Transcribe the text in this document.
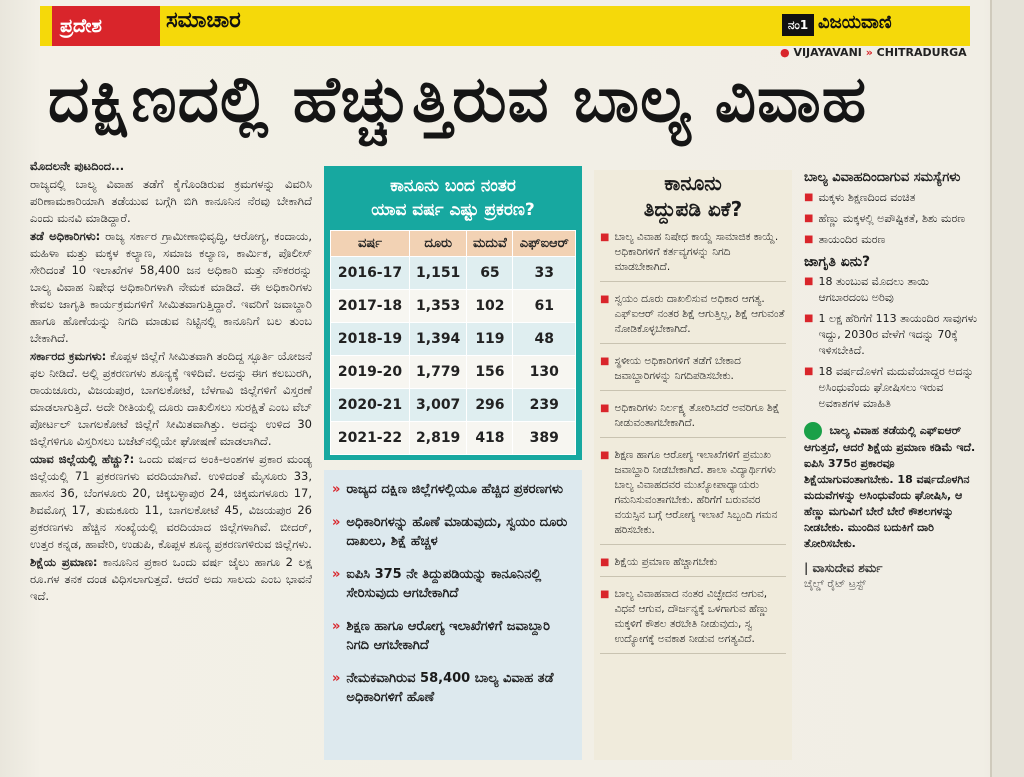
ಪ್ರದೇಶ	ಸಮಾಚಾರ	ನಂ1 ವಿಜಯವಾಣಿ
● VIJAYAVANI » CHITRADURGA
ದಕ್ಷಿಣದಲ್ಲಿ ಹೆಚ್ಚುತ್ತಿರುವ ಬಾಲ್ಯ ವಿವಾಹ

ಮೊದಲನೇ ಪುಟದಿಂದ...

ರಾಜ್ಯದಲ್ಲಿ ಬಾಲ್ಯ ವಿವಾಹ ತಡೆಗೆ ಕೈಗೊಂಡಿರುವ ಕ್ರಮಗಳನ್ನು ವಿವರಿಸಿ ಪರಿಣಾಮಕಾರಿಯಾಗಿ ತಡೆಯುವ ಬಗ್ಗೆಗಿ ಬಿಗಿ ಕಾನೂನಿನ ನೆರವು ಬೇಕಾಗಿದೆ ಎಂದು ಮನವಿ ಮಾಡಿದ್ದಾರೆ.

ತಡೆ ಅಧಿಕಾರಿಗಳು: ರಾಜ್ಯ ಸರ್ಕಾರ ಗ್ರಾಮೀಣಾಭಿವೃದ್ಧಿ, ಆರೋಗ್ಯ, ಕಂದಾಯ, ಮಹಿಳಾ ಮತ್ತು ಮಕ್ಕಳ ಕಲ್ಯಾಣ, ಸಮಾಜ ಕಲ್ಯಾಣ, ಕಾರ್ಮಿಕ, ಪೊಲೀಸ್ ಸೇರಿದಂತೆ 10 ಇಲಾಖೆಗಳ 58,400 ಜನ ಅಧಿಕಾರಿ ಮತ್ತು ನೌಕರರನ್ನು ಬಾಲ್ಯ ವಿವಾಹ ನಿಷೇಧ ಅಧಿಕಾರಿಗಳಾಗಿ ನೇಮಕ ಮಾಡಿದೆ. ಈ ಅಧಿಕಾರಿಗಳು ಕೇವಲ ಜಾಗೃತಿ ಕಾರ್ಯಕ್ರಮಗಳಿಗೆ ಸೀಮಿತವಾಗುತ್ತಿದ್ದಾರೆ. ಇವರಿಗೆ ಜವಾಬ್ದಾರಿ ಹಾಗೂ ಹೊಣೆಯನ್ನು ನಿಗದಿ ಮಾಡುವ ನಿಟ್ಟಿನಲ್ಲಿ ಕಾನೂನಿಗೆ ಬಲ ತುಂಬ ಬೇಕಾಗಿದೆ.

ಸರ್ಕಾರದ ಕ್ರಮಗಳು: ಕೊಪ್ಪಳ ಜಿಲ್ಲೆಗೆ ಸೀಮಿತವಾಗಿ ತಂದಿದ್ದ ಸ್ಫೂರ್ತಿ ಯೋಜನೆ ಫಲ ನೀಡಿದೆ. ಅಲ್ಲಿ ಪ್ರಕರಣಗಳು ಶೂನ್ಯಕ್ಕೆ ಇಳಿದಿವೆ. ಅದನ್ನು ಈಗ ಕಲಬುರಗಿ, ರಾಯಚೂರು, ವಿಜಯಪುರ, ಬಾಗಲಕೋಟೆ, ಬೆಳಗಾವಿ ಜಿಲ್ಲೆಗಳಿಗೆ ವಿಸ್ತರಣೆ ಮಾಡಲಾಗುತ್ತಿದೆ. ಅದೇ ರೀತಿಯಲ್ಲಿ ದೂರು ದಾಖಲಿಸಲು ಸುರಕ್ಷಿತೆ ಎಂಬ ವೆಬ್ ಪೋರ್ಟಲ್ ಬಾಗಲಕೋಟೆ ಜಿಲ್ಲೆಗೆ ಸೀಮಿತವಾಗಿತ್ತು. ಅದನ್ನು ಉಳಿದ 30 ಜಿಲ್ಲೆಗಳಿಗೂ ವಿಸ್ತರಿಸಲು ಬಜೆಟ್‌ನಲ್ಲಿಯೇ ಘೋಷಣೆ ಮಾಡಲಾಗಿದೆ.

ಯಾವ ಜಿಲ್ಲೆಯಲ್ಲಿ ಹೆಚ್ಚು?: ಒಂದು ವರ್ಷದ ಅಂಕಿ-ಅಂಶಗಳ ಪ್ರಕಾರ ಮಂಡ್ಯ ಜಿಲ್ಲೆಯಲ್ಲಿ 71 ಪ್ರಕರಣಗಳು ವರದಿಯಾಗಿವೆ. ಉಳಿದಂತೆ ಮೈಸೂರು 33, ಹಾಸನ 36, ಬೆಂಗಳೂರು 20, ಚಿಕ್ಕಬಳ್ಳಾಪುರ 24, ಚಿಕ್ಕಮಗಳೂರು 17, ಶಿವಮೊಗ್ಗ 17, ತುಮಕೂರು 11, ಬಾಗಲಕೋಟೆ 45, ವಿಜಯಪುರ 26 ಪ್ರಕರಣಗಳು ಹೆಚ್ಚಿನ ಸಂಖ್ಯೆಯಲ್ಲಿ ವರದಿಯಾದ ಜಿಲ್ಲೆಗಳಾಗಿವೆ. ಬೀದರ್, ಉತ್ತರ ಕನ್ನಡ, ಹಾವೇರಿ, ಉಡುಪಿ, ಕೊಪ್ಪಳ ಶೂನ್ಯ ಪ್ರಕರಣಗಳಿರುವ ಜಿಲ್ಲೆಗಳು.

ಶಿಕ್ಷೆಯ ಪ್ರಮಾಣ: ಕಾನೂನಿನ ಪ್ರಕಾರ ಒಂದು ವರ್ಷ ಜೈಲು ಹಾಗೂ 2 ಲಕ್ಷ ರೂ.ಗಳ ತನಕ ದಂಡ ವಿಧಿಸಲಾಗುತ್ತದೆ. ಆದರೆ ಅದು ಸಾಲದು ಎಂಬ ಭಾವನೆ ಇದೆ.

ಕಾನೂನು ಬಂದ ನಂತರ
ಯಾವ ವರ್ಷ ಎಷ್ಟು ಪ್ರಕರಣ?
ವರ್ಷ	ದೂರು	ಮದುವೆ	ಎಫ್‌ಐಆರ್
2016-17	1,151	65	33
2017-18	1,353	102	61
2018-19	1,394	119	48
2019-20	1,779	156	130
2020-21	3,007	296	239
2021-22	2,819	418	389
» ರಾಜ್ಯದ ದಕ್ಷಿಣ ಜಿಲ್ಲೆಗಳಲ್ಲಿಯೂ ಹೆಚ್ಚಿದ ಪ್ರಕರಣಗಳು
» ಅಧಿಕಾರಿಗಳನ್ನು ಹೊಣೆ ಮಾಡುವುದು, ಸ್ವಯಂ ದೂರು ದಾಖಲು, ಶಿಕ್ಷೆ ಹೆಚ್ಚಳ
» ಐಪಿಸಿ 375 ನೇ ತಿದ್ದುಪಡಿಯನ್ನು ಕಾನೂನಿನಲ್ಲಿ ಸೇರಿಸುವುದು ಆಗಬೇಕಾಗಿದೆ
» ಶಿಕ್ಷಣ ಹಾಗೂ ಆರೋಗ್ಯ ಇಲಾಖೆಗಳಿಗೆ ಜವಾಬ್ದಾರಿ ನಿಗದಿ ಆಗಬೇಕಾಗಿದೆ
» ನೇಮಕವಾಗಿರುವ 58,400 ಬಾಲ್ಯ ವಿವಾಹ ತಡೆ ಅಧಿಕಾರಿಗಳಿಗೆ ಹೊಣೆ
ಕಾನೂನು
ತಿದ್ದುಪಡಿ ಏಕೆ?
■ ಬಾಲ್ಯ ವಿವಾಹ ನಿಷೇಧ ಕಾಯ್ದೆ ಸಾಮಾಜಿಕ ಕಾಯ್ದೆ. ಅಧಿಕಾರಿಗಳಿಗೆ ಕರ್ತವ್ಯಗಳನ್ನು ನಿಗದಿ ಮಾಡಬೇಕಾಗಿದೆ.
■ ಸ್ವಯಂ ದೂರು ದಾಖಲಿಸುವ ಅಧಿಕಾರ ಆಗತ್ಯ. ಎಫ್‌ಐಆರ್ ನಂತರ ಶಿಕ್ಷೆ ಆಗುತ್ತಿಲ್ಲ, ಶಿಕ್ಷೆ ಆಗುವಂತೆ ನೋಡಿಕೊಳ್ಳಬೇಕಾಗಿದೆ.
■ ಸ್ಥಳೀಯ ಅಧಿಕಾರಿಗಳಿಗೆ ತಡೆಗೆ ಬೇಕಾದ ಜವಾಬ್ದಾರಿಗಳನ್ನು ನಿಗದಿಪಡಿಸಬೇಕು.
■ ಅಧಿಕಾರಿಗಳು ನಿರ್ಲಕ್ಷ್ಯ ತೋರಿಸಿದರೆ ಅವರಿಗೂ ಶಿಕ್ಷೆ ನೀಡುವಂತಾಗಬೇಕಾಗಿದೆ.
■ ಶಿಕ್ಷಣ ಹಾಗೂ ಆರೋಗ್ಯ ಇಲಾಖೆಗಳಿಗೆ ಪ್ರಮುಖ ಜವಾಬ್ದಾರಿ ನೀಡಬೇಕಾಗಿದೆ. ಶಾಲಾ ವಿದ್ಯಾರ್ಥಿಗಳು ಬಾಲ್ಯ ವಿವಾಹದವರ ಮುಖ್ಯೋಪಾಧ್ಯಾಯರು ಗಮನಿಸುವಂತಾಗಬೇಕು. ಹೆರಿಗೆಗೆ ಬರುವವರ ವಯಸ್ಸಿನ ಬಗ್ಗೆ ಆರೋಗ್ಯ ಇಲಾಖೆ ಸಿಬ್ಬಂದಿ ಗಮನ ಹರಿಸಬೇಕು.
■ ಶಿಕ್ಷೆಯ ಪ್ರಮಾಣ ಹೆಚ್ಚಾಗಬೇಕು
■ ಬಾಲ್ಯ ವಿವಾಹವಾದ ನಂತರ ವಿಚ್ಛೇದನ ಆಗುವ, ವಿಧವೆ ಆಗುವ, ದೌರ್ಜನ್ಯಕ್ಕೆ ಒಳಗಾಗುವ ಹೆಣ್ಣು ಮಕ್ಕಳಿಗೆ ಕೌಶಲ ತರಬೇತಿ ನೀಡುವುದು, ಸ್ವ ಉದ್ಯೋಗಕ್ಕೆ ಅವಕಾಶ ನೀಡುವ ಅಗತ್ಯವಿದೆ.
ಬಾಲ್ಯ ವಿವಾಹದಿಂದಾಗುವ ಸಮಸ್ಯೆಗಳು
■ ಮಕ್ಕಳು ಶಿಕ್ಷಣದಿಂದ ವಂಚಿತ
■ ಹೆಣ್ಣು ಮಕ್ಕಳಲ್ಲಿ ಅಪೌಷ್ಟಿಕತೆ, ಶಿಶು ಮರಣ
■ ತಾಯಂದಿರ ಮರಣ
ಜಾಗೃತಿ ಏನು?
■ 18 ತುಂಬುವ ಮೊದಲು ತಾಯಿ ಆಗಬಾರದಂಬ ಅರಿವು
■ 1 ಲಕ್ಷ ಹೆರಿಗೆಗೆ 113 ತಾಯಂದಿರ ಸಾವುಗಳು ಇದ್ದು, 2030ರ ವೇಳೆಗೆ ಇದನ್ನು 70ಕ್ಕೆ ಇಳಿಸಬೇಕಿದೆ.
■ 18 ವರ್ಷದೊಳಗೆ ಮದುವೆಯಾದ್ದರ ಅದನ್ನು ಅಸಿಂಧುವೆಂದು ಘೋಷಿಸಲು ಇರುವ ಅವಕಾಶಗಳ ಮಾಹಿತಿ
ಬಾಲ್ಯ ವಿವಾಹ ತಡೆಯಲ್ಲಿ ಎಫ್‌ಐಆರ್ ಆಗುತ್ತದೆ, ಆದರೆ ಶಿಕ್ಷೆಯ ಪ್ರಮಾಣ ಕಡಿಮೆ ಇದೆ. ಐಪಿಸಿ 375ರ ಪ್ರಕಾರವೂ ಶಿಕ್ಷೆಯಾಗುವಂತಾಗಬೇಕು. 18 ವರ್ಷದೊಳಗಿನ ಮದುವೆಗಳನ್ನು ಅಸಿಂಧುವೆಂದು ಘೋಷಿಸಿ, ಆ ಹೆಣ್ಣು ಮಗುವಿಗೆ ಬೇರೆ ಬೇರೆ ಕೌಶಲಗಳನ್ನು ನೀಡಬೇಕು. ಮುಂದಿನ ಬದುಕಿಗೆ ದಾರಿ ತೋರಿಸಬೇಕು.
| ವಾಸುದೇವ ಶರ್ಮ
ಚೈಲ್ಡ್ ರೈಟ್ ಟ್ರಸ್ಟ್
